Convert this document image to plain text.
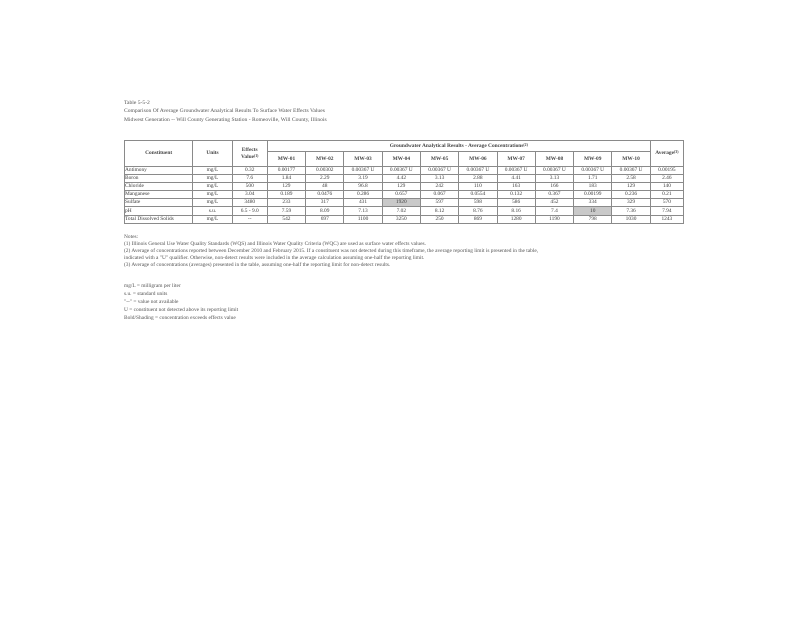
Table 5-5-2
Comparison Of Average Groundwater Analytical Results To Surface Water Effects Values
Midwest Generation -- Will County Generating Station - Romeoville, Will County, Illinois
Constituent	Units	Effects
Value$^{(1)}$	Groundwater Analytical Results - Average Concentrations$^{(2)}$										Average$^{(3)}$
			MW-01	MW-02	MW-03	MW-04	MW-05	MW-06	MW-07	MW-08	MW-09	MW-10	
Antimony	mg/L	0.32	0.00177	0.00302	0.00367 U	0.00367 U	0.00367 U	0.00367 U	0.00367 U	0.00367 U	0.00367 U	0.00367 U	0.00195
Boron	mg/L	7.6	1.84	2.29	3.19	4.42	3.13	2.88	4.41	3.13	1.71	2.58	2.46
Chloride	mg/L	500	129	48	96.8	129	242	110	163	166	183	129	140
Manganese	mg/L	3.04	0.189	0.0476	0.286	0.657	0.067	0.0554	0.132	0.367	0.00199	0.236	0.21
Sulfate	mg/L	3480	233	317	431	1920	597	598	586	452	334	329	570
pH	s.u.	6.5 - 9.0	7.59	8.09	7.13	7.02	8.12	8.76	8.16	7.4	10	7.36	7.94
Total Dissolved Solids	mg/L	--	542	697	1100	3250	250	869	1280	1190	798	1030	1243

Notes:

(1) Illinois General Use Water Quality Standards (WQS) and Illinois Water Quality Criteria (WQC) are used as surface water effects values.

(2) Average of concentrations reported between December 2010 and February 2015. If a constituent was not detected during this timeframe, the average reporting limit is presented in the table,

indicated with a "U" qualifier. Otherwise, non-detect results were included in the average calculation assuming one-half the reporting limit.

(3) Average of concentrations (averages) presented in the table, assuming one-half the reporting limit for non-detect results.

mg/L = milligram per liter

s.u. = standard units

"--" = value not available

U = constituent not detected above its reporting limit

Bold/Shading = concentration exceeds effects value
